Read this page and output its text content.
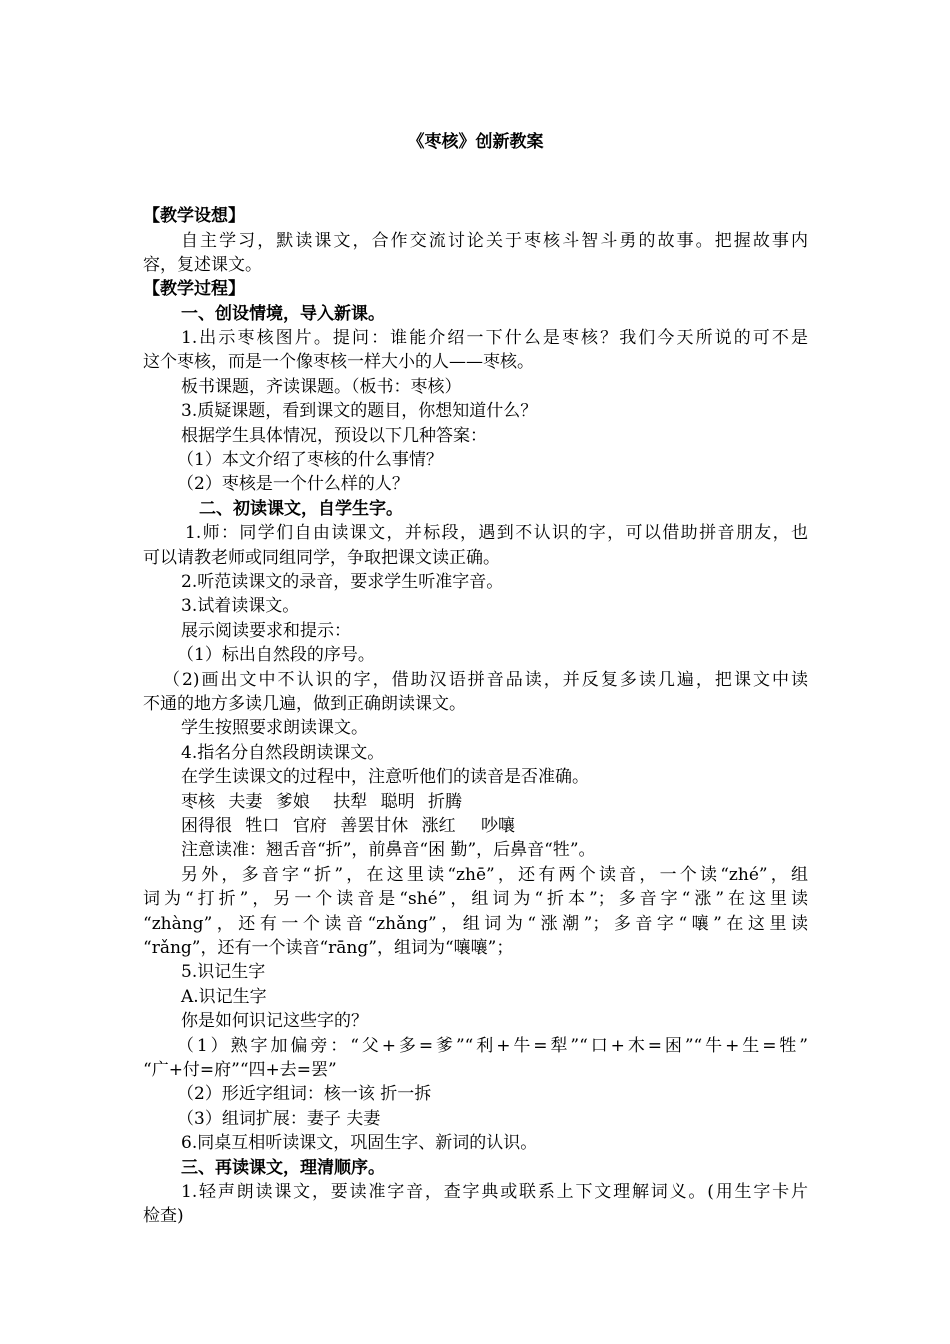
《枣核》创新教案
【教学设想】
自主学习，默读课文，合作交流讨论关于枣核斗智斗勇的故事。把握故事内
容，复述课文。
【教学过程】
一、创设情境，导入新课。
1.出示枣核图片。提问：谁能介绍一下什么是枣核？我们今天所说的可不是
这个枣核，而是一个像枣核一样大小的人——枣核。
板书课题，齐读课题。（板书：枣核）
3.质疑课题，看到课文的题目，你想知道什么？
根据学生具体情况，预设以下几种答案：
（1）本文介绍了枣核的什么事情？
（2）枣核是一个什么样的人？
二、初读课文，自学生字。
1.师：同学们自由读课文，并标段，遇到不认识的字，可以借助拼音朋友，也
可以请教老师或同组同学，争取把课文读正确。
2.听范读课文的录音，要求学生听准字音。
3.试着读课文。
展示阅读要求和提示：
（1）标出自然段的序号。
（2)画出文中不认识的字，借助汉语拼音品读，并反复多读几遍，把课文中读
不通的地方多读几遍，做到正确朗读课文。
学生按照要求朗读课文。
4.指名分自然段朗读课文。
在学生读课文的过程中，注意听他们的读音是否准确。
枣核 夫妻 爹娘 扶犁 聪明 折腾
困得很 牲口 官府 善罢甘休 涨红 吵嚷
注意读准：翘舌音“折”，前鼻音“困 勤”，后鼻音“牲”。
另外，多音字“折”，在这里读“zhē”，还有两个读音，一个读“zhé”，组
词为“打折”，另一个读音是“shé”，组词为“折本”；多音字“涨”在这里读
“zhàng”，还有一个读音“zhǎng”，组词为“涨潮”；多音字“嚷”在这里读
“rǎng”，还有一个读音“rāng”，组词为“嚷嚷”；
5.识记生字
A.识记生字
你是如何识记这些字的？
（1）熟字加偏旁：“父+多=爹”“利+牛=犁”“口+木=困”“牛+生=牲”
“广+付=府”“四+去=罢”
（2）形近字组词：核一该 折一拆
（3）组词扩展：妻子 夫妻
6.同桌互相听读课文，巩固生字、新词的认识。
三、再读课文，理清顺序。
1.轻声朗读课文，要读准字音，查字典或联系上下文理解词义。(用生字卡片
检查)
